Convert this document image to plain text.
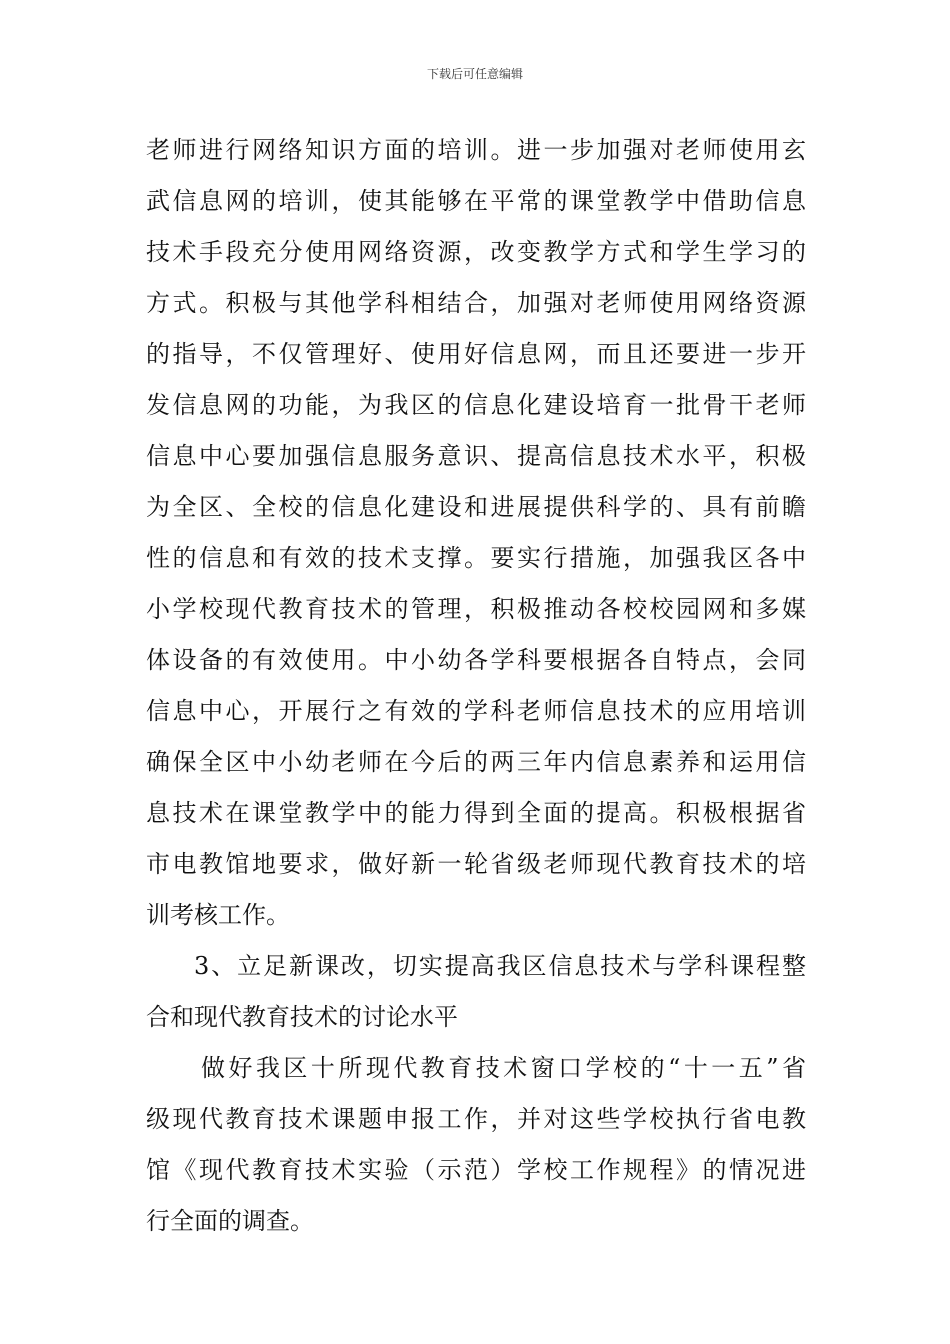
下载后可任意编辑
老师进行网络知识方面的培训。进一步加强对老师使用玄
武信息网的培训，使其能够在平常的课堂教学中借助信息
技术手段充分使用网络资源，改变教学方式和学生学习的
方式。积极与其他学科相结合，加强对老师使用网络资源
的指导，不仅管理好、使用好信息网，而且还要进一步开
发信息网的功能，为我区的信息化建设培育一批骨干老师
信息中心要加强信息服务意识、提高信息技术水平，积极
为全区、全校的信息化建设和进展提供科学的、具有前瞻
性的信息和有效的技术支撑。要实行措施，加强我区各中
小学校现代教育技术的管理，积极推动各校校园网和多媒
体设备的有效使用。中小幼各学科要根据各自特点，会同
信息中心，开展行之有效的学科老师信息技术的应用培训
确保全区中小幼老师在今后的两三年内信息素养和运用信
息技术在课堂教学中的能力得到全面的提高。积极根据省
市电教馆地要求，做好新一轮省级老师现代教育技术的培
训考核工作。
3、立足新课改，切实提高我区信息技术与学科课程整
合和现代教育技术的讨论水平
做好我区十所现代教育技术窗口学校的“十一五”省
级现代教育技术课题申报工作，并对这些学校执行省电教
馆《现代教育技术实验（示范）学校工作规程》的情况进
行全面的调查。
